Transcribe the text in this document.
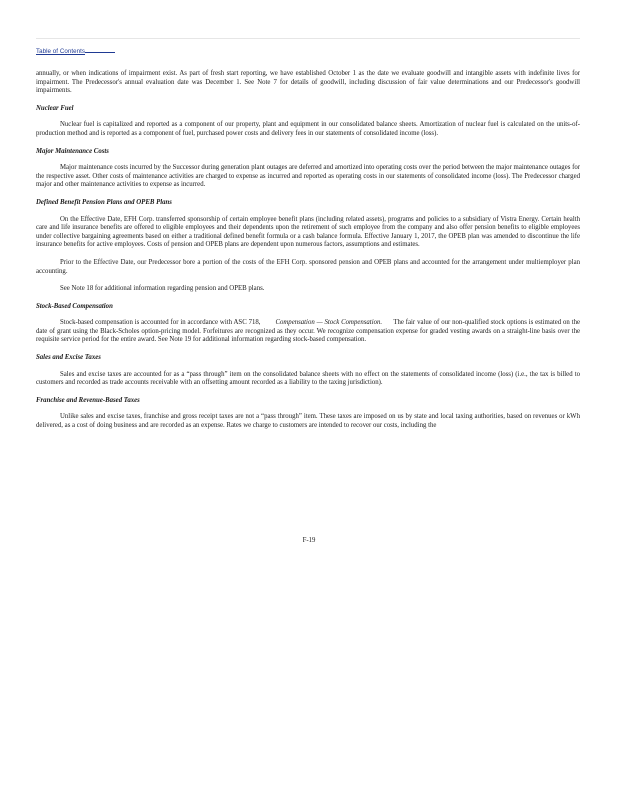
Table of Contents

annually, or when indications of impairment exist. As part of fresh start reporting, we have established October 1 as the date we evaluate goodwill and intangible assets with indefinite lives for impairment. The Predecessor's annual evaluation date was December 1. See Note 7 for details of goodwill, including discussion of fair value determinations and our Predecessor's goodwill impairments.

Nuclear Fuel

Nuclear fuel is capitalized and reported as a component of our property, plant and equipment in our consolidated balance sheets. Amortization of nuclear fuel is calculated on the units-of-production method and is reported as a component of fuel, purchased power costs and delivery fees in our statements of consolidated income (loss).

Major Maintenance Costs

Major maintenance costs incurred by the Successor during generation plant outages are deferred and amortized into operating costs over the period between the major maintenance outages for the respective asset. Other costs of maintenance activities are charged to expense as incurred and reported as operating costs in our statements of consolidated income (loss). The Predecessor charged major and other maintenance activities to expense as incurred.

Defined Benefit Pension Plans and OPEB Plans

On the Effective Date, EFH Corp. transferred sponsorship of certain employee benefit plans (including related assets), programs and policies to a subsidiary of Vistra Energy. Certain health care and life insurance benefits are offered to eligible employees and their dependents upon the retirement of such employee from the company and also offer pension benefits to eligible employees under collective bargaining agreements based on either a traditional defined benefit formula or a cash balance formula. Effective January 1, 2017, the OPEB plan was amended to discontinue the life insurance benefits for active employees. Costs of pension and OPEB plans are dependent upon numerous factors, assumptions and estimates.

Prior to the Effective Date, our Predecessor bore a portion of the costs of the EFH Corp. sponsored pension and OPEB plans and accounted for the arrangement under multiemployer plan accounting.

See Note 18 for additional information regarding pension and OPEB plans.

Stock-Based Compensation

Stock-based compensation is accounted for in accordance with ASC 718, Compensation — Stock Compensation. The fair value of our non-qualified stock options is estimated on the date of grant using the Black-Scholes option-pricing model. Forfeitures are recognized as they occur. We recognize compensation expense for graded vesting awards on a straight-line basis over the requisite service period for the entire award. See Note 19 for additional information regarding stock-based compensation.

Sales and Excise Taxes

Sales and excise taxes are accounted for as a “pass through” item on the consolidated balance sheets with no effect on the statements of consolidated income (loss) (i.e., the tax is billed to customers and recorded as trade accounts receivable with an offsetting amount recorded as a liability to the taxing jurisdiction).

Franchise and Revenue-Based Taxes

Unlike sales and excise taxes, franchise and gross receipt taxes are not a “pass through” item. These taxes are imposed on us by state and local taxing authorities, based on revenues or kWh delivered, as a cost of doing business and are recorded as an expense. Rates we charge to customers are intended to recover our costs, including the

F-19
